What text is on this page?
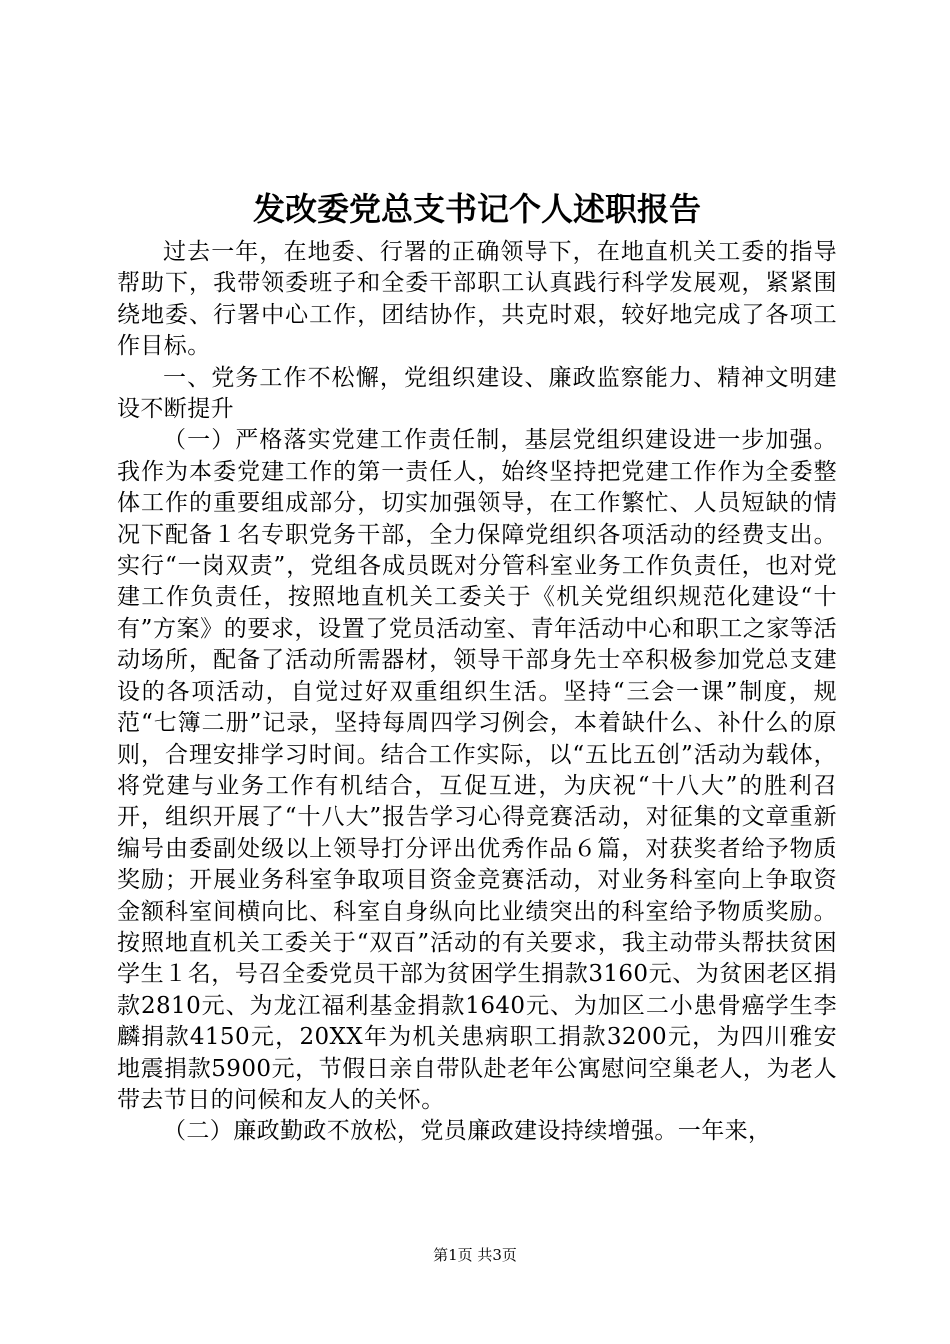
发改委党总支书记个人述职报告

过去一年，在地委、行署的正确领导下，在地直机关工委的指导帮助下，我带领委班子和全委干部职工认真践行科学发展观，紧紧围绕地委、行署中心工作，团结协作，共克时艰，较好地完成了各项工作目标。

一、党务工作不松懈，党组织建设、廉政监察能力、精神文明建设不断提升

（一）严格落实党建工作责任制，基层党组织建设进一步加强。我作为本委党建工作的第一责任人，始终坚持把党建工作作为全委整体工作的重要组成部分，切实加强领导，在工作繁忙、人员短缺的情况下配备１名专职党务干部，全力保障党组织各项活动的经费支出。实行“一岗双责”，党组各成员既对分管科室业务工作负责任，也对党建工作负责任，按照地直机关工委关于《机关党组织规范化建设“十有”方案》的要求，设置了党员活动室、青年活动中心和职工之家等活动场所，配备了活动所需器材，领导干部身先士卒积极参加党总支建设的各项活动，自觉过好双重组织生活。坚持“三会一课”制度，规范“七簿二册”记录，坚持每周四学习例会，本着缺什么、补什么的原则，合理安排学习时间。结合工作实际，以“五比五创”活动为载体，将党建与业务工作有机结合，互促互进，为庆祝“十八大”的胜利召开，组织开展了“十八大”报告学习心得竞赛活动，对征集的文章重新编号由委副处级以上领导打分评出优秀作品６篇，对获奖者给予物质奖励；开展业务科室争取项目资金竞赛活动，对业务科室向上争取资金额科室间横向比、科室自身纵向比业绩突出的科室给予物质奖励。按照地直机关工委关于“双百”活动的有关要求，我主动带头帮扶贫困学生１名，号召全委党员干部为贫困学生捐款3160元、为贫困老区捐款2810元、为龙江福利基金捐款1640元、为加区二小患骨癌学生李麟捐款4150元，20XX年为机关患病职工捐款3200元，为四川雅安地震捐款5900元，节假日亲自带队赴老年公寓慰问空巢老人，为老人带去节日的问候和友人的关怀。

（二）廉政勤政不放松，党员廉政建设持续增强。一年来，

第1页 共3页
